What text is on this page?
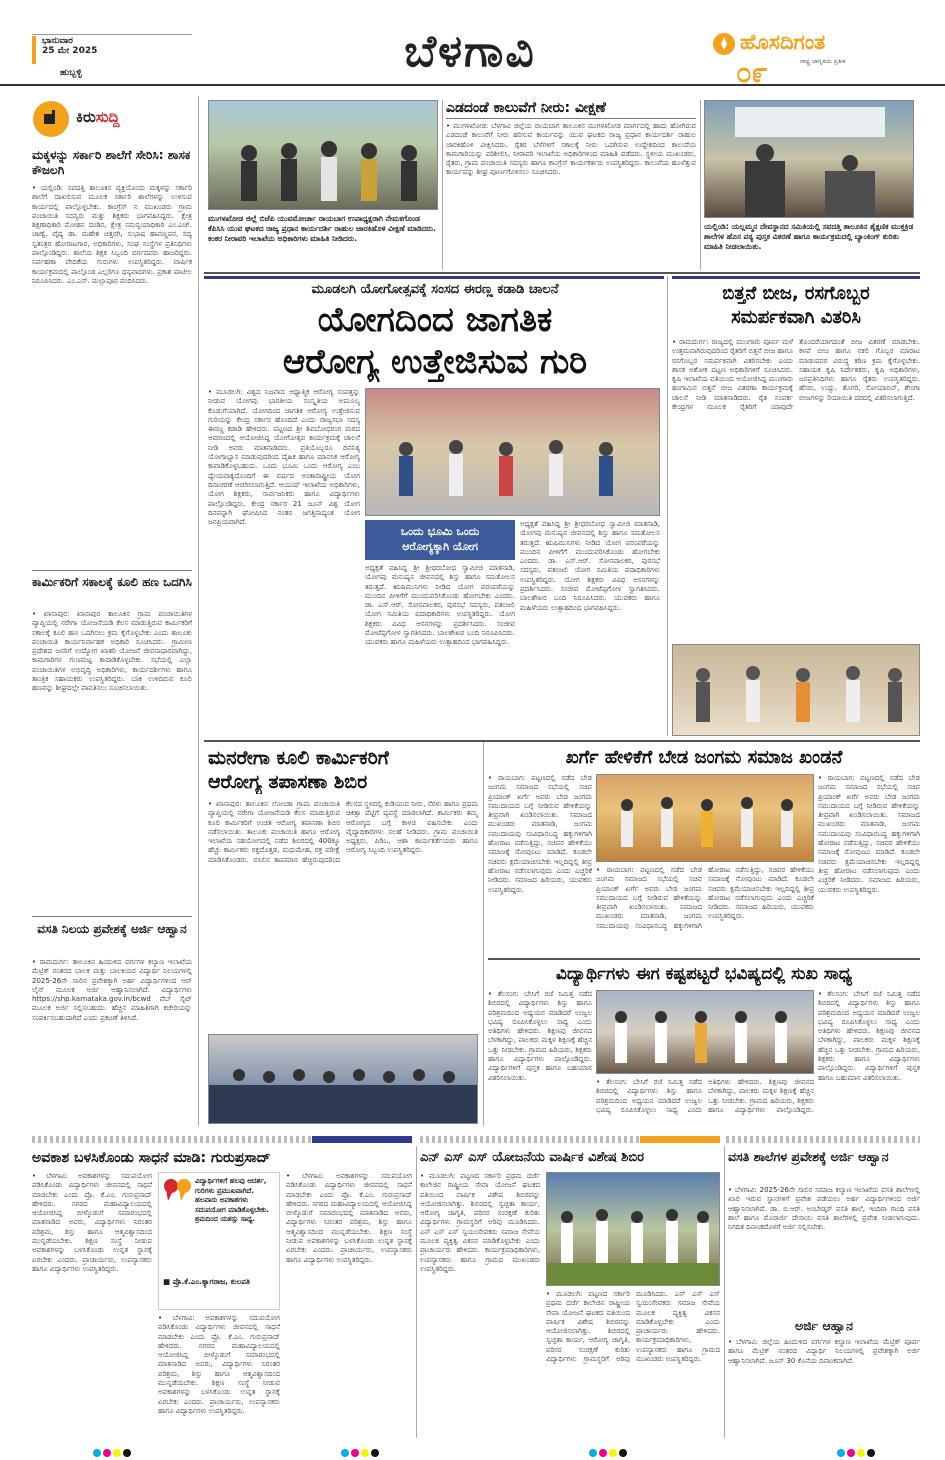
ಭಾನುವಾರ
25 ಮೇ 2025
ಹುಬ್ಬಳ್ಳಿ	ಬೆಳಗಾವಿ	ಹೊಸದಿಗಂತ
ರಾಷ್ಟ್ರ ಜಾಗೃತಿಯ ಪ್ರತೀಕ
೦೯
ಕಿರುಸುದ್ದಿ
ಮಕ್ಕಳನ್ನು ಸರ್ಕಾರಿ ಶಾಲೆಗೆ ಸೇರಿಸಿ: ಶಾಸಕ ಕೌಜಲಗಿ
• ಯಲ್ಲಿಂಡಿ: ಸವದತ್ತಿ ತಾಲೂಕಿನ ವ್ಯಕ್ತಿಯೊಂದು ಮಕ್ಕಳನ್ನು ಸರ್ಕಾರಿ ಶಾಲೆಗೆ ದಾಖಲಿಸುವ ಮೂಲಕ ಸರ್ಕಾರಿ ಶಾಲೆಗಳನ್ನು ಉಳಿಸುವ ಕಾರ್ಯದಲ್ಲಿ ಪಾಲ್ಗೊಳ್ಳಬೇಕು. ಕಾಂಗ್ರೆಸ್ ನ ಮುಖಂಡರು ಗ್ರಾಮ ಪಂಚಾಯಿತಿ ಸದಸ್ಯರು ಮತ್ತು ಶಿಕ್ಷಕರು ಭಾಗವಹಿಸಿದ್ದರು. ಕ್ಷೇತ್ರ ಶಿಕ್ಷಣಾಧಿಕಾರಿ ಮೋಹನ ದಂಡಿನ, ಕ್ಷೇತ್ರ ಸಮನ್ವಯಾಧಿಕಾರಿ ಎಂ.ಎಚ್. ಜಾಣ್ವೆ, ವೈದ್ಯ ಡಾ. ಮಹೇಶ ಚಿತ್ತರಗಿ, ಸುಭಾಷ ಹಾವಣ್ಣವರ, ಸದ್ಯ ಸ್ವತಂತ್ರರ ಹೋರಾಟಗಾರ, ಅಧಿಕಾರಿಗಳು, ಸಂಘ ಸಂಸ್ಥೆಗಳ ಪ್ರತಿನಿಧಿಗಳು ಪಾಲ್ಗೊಂಡಿದ್ದರು. ಶಾಲೆಯ ಶಿಕ್ಷಕ ಸಿಬ್ಬಂದಿ ವರ್ಗದವರು ಹಾಜರಿದ್ದರು. ನಿರ್ವಹಣಾ ವೇದಿಕೆಯ ಗುರುಗಳು ಉಪಸ್ಥಿತರಿದ್ದರು. ವಾರ್ಷಿಕ ಕಾರ್ಯಕ್ರಮದಲ್ಲಿ ಪಾಲ್ಗೊಂಡ ಎಲ್ಲರಿಗೂ ಧನ್ಯವಾದಗಳು. ಪ್ರಕಾಶ ಪಾಟೀಲ ನಿರೂಪಿಸಿದರು. ಎಂ.ಎಸ್. ಮಲ್ಲಾಪೂರ ವಂದಿಸಿದರು.
ಕಾರ್ಮಿಕರಿಗೆ ಸಕಾಲಕ್ಕೆ ಕೂಲಿ ಹಣ ಒದಗಿಸಿ
• ಖಾನಾಪುರ: ಖಾನಾಪುರ ತಾಲೂಕಿನ ಗ್ರಾಮ ಪಂಚಾಯಿತಿಗಳ ವ್ಯಾಪ್ತಿಯಲ್ಲಿ ನರೇಗಾ ಯೋಜನೆಯಡಿ ಕೆಲಸ ಮಾಡುತ್ತಿರುವ ಕಾರ್ಮಿಕರಿಗೆ ಸಕಾಲಕ್ಕೆ ಕೂಲಿ ಹಣ ಒದಗಿಸಲು ಕ್ರಮ ಕೈಗೊಳ್ಳಬೇಕು ಎಂದು ತಾಲೂಕು ಪಂಚಾಯಿತಿ ಕಾರ್ಯನಿರ್ವಾಹಕ ಅಧಿಕಾರಿ ಸೂಚಿಸಿದರು. ಗ್ರಾಮೀಣ ಪ್ರದೇಶದ ಜನರಿಗೆ ಉದ್ಯೋಗ ಖಾತರಿ ಯೋಜನೆ ಜೀವನಾಧಾರವಾಗಿದ್ದು, ಕಾಮಗಾರಿಗಳ ಗುಣಮಟ್ಟ ಕಾಪಾಡಿಕೊಳ್ಳಬೇಕು. ಸಭೆಯಲ್ಲಿ ಎಲ್ಲಾ ಪಂಚಾಯಿತಿಗಳ ಅಭಿವೃದ್ಧಿ ಅಧಿಕಾರಿಗಳು, ಕಾರ್ಯದರ್ಶಿಗಳು ಹಾಗೂ ತಾಂತ್ರಿಕ ಸಹಾಯಕರು ಉಪಸ್ಥಿತರಿದ್ದರು. ಬಾಕಿ ಉಳಿದಿರುವ ಕೂಲಿ ಹಣವನ್ನು ಶೀಘ್ರದಲ್ಲೇ ಪಾವತಿಸಲು ಸೂಚಿಸಲಾಯಿತು.
ವಸತಿ ನಿಲಯ ಪ್ರವೇಶಕ್ಕೆ ಅರ್ಜಿ ಆಹ್ವಾನ
• ರಾಮದುರ್ಗ: ತಾಲೂಕಿನ ಹಿಂದುಳಿದ ವರ್ಗಗಳ ಕಲ್ಯಾಣ ಇಲಾಖೆಯ ಮೆಟ್ರಿಕ್ ನಂತರದ ಬಾಲಕ ಮತ್ತು ಬಾಲಕಿಯರ ವಿದ್ಯಾರ್ಥಿ ನಿಲಯಗಳಲ್ಲಿ 2025-26ನೇ ಸಾಲಿನ ಪ್ರವೇಶಕ್ಕಾಗಿ ಅರ್ಹ ವಿದ್ಯಾರ್ಥಿಗಳಿಂದ ಆನ್ ಲೈನ್ ಮೂಲಕ ಅರ್ಜಿ ಆಹ್ವಾನಿಸಲಾಗಿದೆ. ವಿದ್ಯಾರ್ಥಿಗಳು https://shp.karnataka.gov.in/bcwd ವೆಬ್ ಸೈಟ್ ಮೂಲಕ ಅರ್ಜಿ ಸಲ್ಲಿಸಬಹುದು. ಹೆಚ್ಚಿನ ಮಾಹಿತಿಗಾಗಿ ಕಚೇರಿಯನ್ನು ಸಂಪರ್ಕಿಸಬಹುದಾಗಿದೆ ಎಂದು ಪ್ರಕಟಣೆ ತಿಳಿಸಿದೆ.
ಮುಗಳಖೋಡ ಜಿಲ್ಲೆ ಬಿಜೆಪಿ ಯುವಮೋರ್ಚಾ ರಾಯಬಾಗ ಉಪಾಧ್ಯಕ್ಷರಾಗಿ ನೇಮಕಗೊಂಡ ಕೆಪಿಸಿಸಿ ಯುವ ಘಟಕದ ರಾಜ್ಯ ಪ್ರಧಾನ ಕಾರ್ಯದರ್ಶಿ ರಾಹುಲ ಜಾರಕಿಹೊಳಿ ವೀಕ್ಷಣೆ ಮಾಡಿದರು. ಕಂಕರ ನೀರಾವರಿ ಇಲಾಖೆಯ ಅಧಿಕಾರಿಗಳು ಮಾಹಿತಿ ನೀಡಿದರು.
ಎಡದಂಡೆ ಕಾಲುವೆಗೆ ನೀರು: ವೀಕ್ಷಣೆ
• ಮುಗಳಖೋಡ: ಬೆಳಗಾವಿ ಜಿಲ್ಲೆಯ ರಾಯಬಾಗ ತಾಲೂಕಿನ ಮುಗಳಖೋಡ ಮಾರ್ಗದಲ್ಲಿ ಹಾದು ಹೋಗಿರುವ ಎಡದಂಡೆ ಕಾಲುವೆಗೆ ನೀರು ಹರಿಸುವ ಕಾರ್ಯವನ್ನು ಯುವ ಘಟಕದ ರಾಜ್ಯ ಪ್ರಧಾನ ಕಾರ್ಯದರ್ಶಿ ರಾಹುಲ ಜಾರಕಿಹೊಳಿ ವೀಕ್ಷಿಸಿದರು. ರೈತರ ಬೆಳೆಗಳಿಗೆ ಸಕಾಲಕ್ಕೆ ನೀರು ಒದಗಿಸುವ ಉದ್ದೇಶದಿಂದ ಕಾಲುವೆಯ ಕಾಮಗಾರಿಯನ್ನು ಪರಿಶೀಲಿಸಿ, ನೀರಾವರಿ ಇಲಾಖೆಯ ಅಧಿಕಾರಿಗಳಿಂದ ಮಾಹಿತಿ ಪಡೆದರು. ಸ್ಥಳೀಯ ಮುಖಂಡರು, ರೈತರು, ಗ್ರಾಮ ಪಂಚಾಯಿತಿ ಸದಸ್ಯರು ಹಾಗೂ ಕಾಂಗ್ರೆಸ್ ಕಾರ್ಯಕರ್ತರು ಉಪಸ್ಥಿತರಿದ್ದರು. ಕಾಲುವೆಯ ಹೂಳೆತ್ತುವ ಕಾರ್ಯವನ್ನು ಶೀಘ್ರ ಪೂರ್ಣಗೊಳಿಸಲು ಸೂಚಿಸಿದರು.
ಯಲ್ಲಿಂಡಿ: ಯಲ್ಲಮ್ಮನ ದೇವಸ್ಥಾನದ ಸಮಿತಿಯಲ್ಲಿ ಸವದತ್ತಿ ತಾಲೂಕಿನ ಶೈಕ್ಷಣಿಕ ಮುಕ್ತಕ್ರಿಡ ಶಾಲೆಗಳ ಹೊಸ ಪಠ್ಯ ಪುಸ್ತಕ ವಿತರಣೆ ಹಾಗೂ ಕಾರ್ಯಕ್ರಮದಲ್ಲಿ ಬ್ಯಾಂಕಿಂಗ್ ಕುರಿತು ಮಾಹಿತಿ ನೀಡಲಾಯಿತು.
ಮೂಡಲಗಿ ಯೋಗೋತ್ಸವಕ್ಕೆ ಸಂಸದ ಈರಣ್ಣ ಕಡಾಡಿ ಚಾಲನೆ
ಯೋಗದಿಂದ ಜಾಗತಿಕ
ಆರೋಗ್ಯ ಉತ್ತೇಜಿಸುವ ಗುರಿ
• ಮೂಡಲಗಿ: ವಿಶ್ವದ ನಿಜವಾದ ಆಧ್ಯಾತ್ಮಿಕ ಆರೋಗ್ಯ ಸಂಪತ್ತನ್ನು ನೀಡುವ ಯೋಗವು ಭಾರತೀಯ ಸಂಸ್ಕೃತಿಯ ಅಮೂಲ್ಯ ಕೊಡುಗೆಯಾಗಿದೆ. ಯೋಗದಿಂದ ಜಾಗತಿಕ ಆರೋಗ್ಯ ಉತ್ತೇಜಿಸುವ ಗುರಿಯನ್ನು ಕೇಂದ್ರ ಸರ್ಕಾರ ಹೊಂದಿದೆ ಎಂದು ರಾಜ್ಯಸಭಾ ಸದಸ್ಯ ಈರಣ್ಣ ಕಡಾಡಿ ಹೇಳಿದರು. ಪಟ್ಟಣದ ಶ್ರೀ ಶಿವಬೋಧರಂಗ ಮಠದ ಆವರಣದಲ್ಲಿ ಆಯೋಜಿಸಿದ್ದ ಯೋಗೋತ್ಸವ ಕಾರ್ಯಕ್ರಮಕ್ಕೆ ಚಾಲನೆ ನೀಡಿ ಅವರು ಮಾತನಾಡಿದರು. ಪ್ರತಿಯೊಬ್ಬರೂ ದಿನನಿತ್ಯ ಯೋಗಾಭ್ಯಾಸ ಮಾಡುವುದರಿಂದ ದೈಹಿಕ ಹಾಗೂ ಮಾನಸಿಕ ಆರೋಗ್ಯ ಕಾಪಾಡಿಕೊಳ್ಳಬಹುದು. ಒಂದು ಭೂಮಿ ಒಂದು ಆರೋಗ್ಯ ಎಂಬ ಧ್ಯೇಯವಾಕ್ಯದೊಂದಿಗೆ ಈ ವರ್ಷದ ಅಂತಾರಾಷ್ಟ್ರೀಯ ಯೋಗ ದಿನಾಚರಣೆ ಆಚರಿಸಲಾಗುತ್ತಿದೆ. ಆಯುಷ್ ಇಲಾಖೆಯ ಅಧಿಕಾರಿಗಳು, ಯೋಗ ಶಿಕ್ಷಕರು, ಸಾರ್ವಜನಿಕರು ಹಾಗೂ ವಿದ್ಯಾರ್ಥಿಗಳು ಪಾಲ್ಗೊಂಡಿದ್ದರು. ಕೇಂದ್ರ ಸರ್ಕಾರ 21 ಜೂನ್ ವಿಶ್ವ ಯೋಗ ದಿನವನ್ನಾಗಿ ಘೋಷಿಸಿದ ನಂತರ ಜಗತ್ತಿನಾದ್ಯಂತ ಯೋಗ ಜನಪ್ರಿಯವಾಗಿದೆ.
ಒಂದು ಭೂಮಿ ಒಂದು
ಆರೋಗ್ಯಕ್ಕಾಗಿ ಯೋಗ
ಅಧ್ಯಕ್ಷತೆ ವಹಿಸಿದ್ದ ಶ್ರೀ ಶ್ರೀಧರಬೋಧ ಸ್ವಾಮೀಜಿ ಮಾತನಾಡಿ, ಯೋಗವು ಮನುಷ್ಯನ ಜೀವನದಲ್ಲಿ ಶಿಸ್ತು ಹಾಗೂ ಸಮತೋಲನ ತರುತ್ತದೆ. ಋಷಿಮುನಿಗಳು ನೀಡಿದ ಯೋಗ ಪರಂಪರೆಯನ್ನು ಮುಂದಿನ ಪೀಳಿಗೆಗೆ ಮುಂದುವರಿಸಿಕೊಂಡು ಹೋಗಬೇಕು ಎಂದರು. ಡಾ. ಎಸ್.ಆರ್. ಸೋನವಾಲಕರ, ಪುರಸಭೆ ಸದಸ್ಯರು, ಪತಂಜಲಿ ಯೋಗ ಸಮಿತಿಯ ಪದಾಧಿಕಾರಿಗಳು ಉಪಸ್ಥಿತರಿದ್ದರು. ಯೋಗ ಶಿಕ್ಷಕರು ವಿವಿಧ ಆಸನಗಳನ್ನು ಪ್ರದರ್ಶಿಸಿದರು. ಸಂಜೀವ ಮೋಟೆಪ್ಪಗೋಳ ಸ್ವಾಗತಿಸಿದರು. ಬಾಲಶೇಖರ ಬಂದಿ ನಿರೂಪಿಸಿದರು. ಯುವಕರು ಹಾಗೂ ಮಹಿಳೆಯರು ಉತ್ಸಾಹದಿಂದ ಭಾಗವಹಿಸಿದ್ದರು.
ಅಧ್ಯಕ್ಷತೆ ವಹಿಸಿದ್ದ ಶ್ರೀ ಶ್ರೀಧರಬೋಧ ಸ್ವಾಮೀಜಿ ಮಾತನಾಡಿ, ಯೋಗವು ಮನುಷ್ಯನ ಜೀವನದಲ್ಲಿ ಶಿಸ್ತು ಹಾಗೂ ಸಮತೋಲನ ತರುತ್ತದೆ. ಋಷಿಮುನಿಗಳು ನೀಡಿದ ಯೋಗ ಪರಂಪರೆಯನ್ನು ಮುಂದಿನ ಪೀಳಿಗೆಗೆ ಮುಂದುವರಿಸಿಕೊಂಡು ಹೋಗಬೇಕು ಎಂದರು. ಡಾ. ಎಸ್.ಆರ್. ಸೋನವಾಲಕರ, ಪುರಸಭೆ ಸದಸ್ಯರು, ಪತಂಜಲಿ ಯೋಗ ಸಮಿತಿಯ ಪದಾಧಿಕಾರಿಗಳು ಉಪಸ್ಥಿತರಿದ್ದರು. ಯೋಗ ಶಿಕ್ಷಕರು ವಿವಿಧ ಆಸನಗಳನ್ನು ಪ್ರದರ್ಶಿಸಿದರು. ಸಂಜೀವ ಮೋಟೆಪ್ಪಗೋಳ ಸ್ವಾಗತಿಸಿದರು. ಬಾಲಶೇಖರ ಬಂದಿ ನಿರೂಪಿಸಿದರು. ಯುವಕರು ಹಾಗೂ ಮಹಿಳೆಯರು ಉತ್ಸಾಹದಿಂದ ಭಾಗವಹಿಸಿದ್ದರು.
ಬಿತ್ತನೆ ಬೀಜ, ರಸಗೊಬ್ಬರ
ಸಮರ್ಪಕವಾಗಿ ವಿತರಿಸಿ
• ರಾಮದುರ್ಗ: ರಾಜ್ಯದಲ್ಲಿ ಮುಂಗಾರು ಪೂರ್ವ ಮಳೆ ಉತ್ತಮವಾಗಿರುವುದರಿಂದ ರೈತರಿಗೆ ಬಿತ್ತನೆ ಬೀಜ ಹಾಗೂ ರಸಗೊಬ್ಬರ ಸಮರ್ಪಕವಾಗಿ ವಿತರಿಸಬೇಕು ಎಂದು ಶಾಸಕ ಅಶೋಕ ಪಟ್ಟಣ ಅಧಿಕಾರಿಗಳಿಗೆ ಸೂಚಿಸಿದರು. ಕೃಷಿ ಇಲಾಖೆಯ ವತಿಯಿಂದ ಆಯೋಜಿಸಿದ್ದ ಮುಂಗಾರು ಹಂಗಾಮಿನ ಬಿತ್ತನೆ ಬೀಜ ವಿತರಣಾ ಕಾರ್ಯಕ್ರಮಕ್ಕೆ ಚಾಲನೆ ನೀಡಿ ಮಾತನಾಡಿದರು. ರೈತ ಸಂಪರ್ಕ ಕೇಂದ್ರಗಳ ಮೂಲಕ ರೈತರಿಗೆ ಯಾವುದೇ ತೊಂದರೆಯಾಗದಂತೆ ಬೀಜ ವಿತರಣೆ ಮಾಡಬೇಕು. ಕಳಪೆ ಬೀಜ ಹಾಗೂ ನಕಲಿ ಗೊಬ್ಬರ ಮಾರಾಟ ಮಾಡುವವರ ವಿರುದ್ಧ ಕಠಿಣ ಕ್ರಮ ಕೈಗೊಳ್ಳಬೇಕು. ಸಹಾಯಕ ಕೃಷಿ ನಿರ್ದೇಶಕರು, ಕೃಷಿ ಅಧಿಕಾರಿಗಳು, ಜನಪ್ರತಿನಿಧಿಗಳು ಹಾಗೂ ರೈತರು ಉಪಸ್ಥಿತರಿದ್ದರು. ಹೆಸರು, ಉದ್ದು, ತೊಗರಿ, ಸೋಯಾಬಿನ್, ಶೇಂಗಾ ಬೀಜಗಳನ್ನು ರಿಯಾಯಿತಿ ದರದಲ್ಲಿ ವಿತರಿಸಲಾಗುತ್ತಿದೆ.
ಮನರೇಗಾ ಕೂಲಿ ಕಾರ್ಮಿಕರಿಗೆ
ಆರೋಗ್ಯ ತಪಾಸಣಾ ಶಿಬಿರ
• ಖಾನಾಪುರ: ತಾಲೂಕಿನ ಲೋಂಡಾ ಗ್ರಾಮ ಪಂಚಾಯಿತಿ ವ್ಯಾಪ್ತಿಯಲ್ಲಿ ನರೇಗಾ ಯೋಜನೆಯಡಿ ಕೆಲಸ ಮಾಡುತ್ತಿರುವ ಕೂಲಿ ಕಾರ್ಮಿಕರಿಗೆ ಉಚಿತ ಆರೋಗ್ಯ ತಪಾಸಣಾ ಶಿಬಿರ ನಡೆಸಲಾಯಿತು. ತಾಲೂಕು ಪಂಚಾಯಿತಿ ಹಾಗೂ ಆರೋಗ್ಯ ಇಲಾಖೆಯ ಸಹಯೋಗದಲ್ಲಿ ನಡೆದ ಶಿಬಿರದಲ್ಲಿ 400ಕ್ಕೂ ಹೆಚ್ಚು ಕಾರ್ಮಿಕರು ರಕ್ತದೊತ್ತಡ, ಮಧುಮೇಹ, ರಕ್ತ ಪರೀಕ್ಷೆ ಮಾಡಿಸಿಕೊಂಡರು. ಬಿಸಿಲಿನ ತಾಪಮಾನ ಹೆಚ್ಚಿರುವುದರಿಂದ ಕೆಲಸದ ಸ್ಥಳದಲ್ಲಿ ಕುಡಿಯುವ ನೀರು, ನೆರಳು ಹಾಗೂ ಪ್ರಥಮ ಚಿಕಿತ್ಸಾ ಪೆಟ್ಟಿಗೆ ವ್ಯವಸ್ಥೆ ಮಾಡಲಾಗಿದೆ. ಕಾರ್ಮಿಕರು ತಮ್ಮ ಆರೋಗ್ಯದ ಬಗ್ಗೆ ಕಾಳಜಿ ವಹಿಸಬೇಕು ಎಂದು ವೈದ್ಯಾಧಿಕಾರಿಗಳು ಸಲಹೆ ನೀಡಿದರು. ಗ್ರಾಮ ಪಂಚಾಯಿತಿ ಅಧ್ಯಕ್ಷರು, ಪಿಡಿಒ, ಆಶಾ ಕಾರ್ಯಕರ್ತೆಯರು ಹಾಗೂ ಆರೋಗ್ಯ ಸಿಬ್ಬಂದಿ ಉಪಸ್ಥಿತರಿದ್ದರು.
ಖರ್ಗೆ ಹೇಳಿಕೆಗೆ ಬೇಡ ಜಂಗಮ ಸಮಾಜ ಖಂಡನೆ
• ರಾಯಬಾಗ: ಪಟ್ಟಣದಲ್ಲಿ ನಡೆದ ಬೇಡ ಜಂಗಮ ಸಮಾಜದ ಸಭೆಯಲ್ಲಿ ಸಚಿವ ಪ್ರಿಯಾಂಕ್ ಖರ್ಗೆ ಅವರು ಬೇಡ ಜಂಗಮ ಸಮುದಾಯದ ಬಗ್ಗೆ ನೀಡಿರುವ ಹೇಳಿಕೆಯನ್ನು ತೀವ್ರವಾಗಿ ಖಂಡಿಸಲಾಯಿತು. ಸಮಾಜದ ಮುಖಂಡರು ಮಾತನಾಡಿ, ಜಂಗಮ ಸಮುದಾಯವು ಸಂವಿಧಾನಬದ್ಧ ಹಕ್ಕುಗಳಿಗಾಗಿ ಹೋರಾಟ ನಡೆಸುತ್ತಿದ್ದು, ಸಚಿವರ ಹೇಳಿಕೆಯು ಸಮಾಜಕ್ಕೆ ನೋವುಂಟು ಮಾಡಿದೆ. ಕೂಡಲೇ ಸಚಿವರು ಕ್ಷಮೆಯಾಚಿಸಬೇಕು ಇಲ್ಲದಿದ್ದಲ್ಲಿ ತೀವ್ರ ಹೋರಾಟ ನಡೆಸಲಾಗುವುದು ಎಂದು ಎಚ್ಚರಿಕೆ ನೀಡಿದರು. ಸಮಾಜದ ಹಿರಿಯರು, ಯುವಕರು ಉಪಸ್ಥಿತರಿದ್ದರು.
• ರಾಯಬಾಗ: ಪಟ್ಟಣದಲ್ಲಿ ನಡೆದ ಬೇಡ ಜಂಗಮ ಸಮಾಜದ ಸಭೆಯಲ್ಲಿ ಸಚಿವ ಪ್ರಿಯಾಂಕ್ ಖರ್ಗೆ ಅವರು ಬೇಡ ಜಂಗಮ ಸಮುದಾಯದ ಬಗ್ಗೆ ನೀಡಿರುವ ಹೇಳಿಕೆಯನ್ನು ತೀವ್ರವಾಗಿ ಖಂಡಿಸಲಾಯಿತು. ಸಮಾಜದ ಮುಖಂಡರು ಮಾತನಾಡಿ, ಜಂಗಮ ಸಮುದಾಯವು ಸಂವಿಧಾನಬದ್ಧ ಹಕ್ಕುಗಳಿಗಾಗಿ ಹೋರಾಟ ನಡೆಸುತ್ತಿದ್ದು, ಸಚಿವರ ಹೇಳಿಕೆಯು ಸಮಾಜಕ್ಕೆ ನೋವುಂಟು ಮಾಡಿದೆ. ಕೂಡಲೇ ಸಚಿವರು ಕ್ಷಮೆಯಾಚಿಸಬೇಕು ಇಲ್ಲದಿದ್ದಲ್ಲಿ ತೀವ್ರ ಹೋರಾಟ ನಡೆಸಲಾಗುವುದು ಎಂದು ಎಚ್ಚರಿಕೆ ನೀಡಿದರು. ಸಮಾಜದ ಹಿರಿಯರು, ಯುವಕರು ಉಪಸ್ಥಿತರಿದ್ದರು.
• ರಾಯಬಾಗ: ಪಟ್ಟಣದಲ್ಲಿ ನಡೆದ ಬೇಡ ಜಂಗಮ ಸಮಾಜದ ಸಭೆಯಲ್ಲಿ ಸಚಿವ ಪ್ರಿಯಾಂಕ್ ಖರ್ಗೆ ಅವರು ಬೇಡ ಜಂಗಮ ಸಮುದಾಯದ ಬಗ್ಗೆ ನೀಡಿರುವ ಹೇಳಿಕೆಯನ್ನು ತೀವ್ರವಾಗಿ ಖಂಡಿಸಲಾಯಿತು. ಸಮಾಜದ ಮುಖಂಡರು ಮಾತನಾಡಿ, ಜಂಗಮ ಸಮುದಾಯವು ಸಂವಿಧಾನಬದ್ಧ ಹಕ್ಕುಗಳಿಗಾಗಿ ಹೋರಾಟ ನಡೆಸುತ್ತಿದ್ದು, ಸಚಿವರ ಹೇಳಿಕೆಯು ಸಮಾಜಕ್ಕೆ ನೋವುಂಟು ಮಾಡಿದೆ. ಕೂಡಲೇ ಸಚಿವರು ಕ್ಷಮೆಯಾಚಿಸಬೇಕು ಇಲ್ಲದಿದ್ದಲ್ಲಿ ತೀವ್ರ ಹೋರಾಟ ನಡೆಸಲಾಗುವುದು ಎಂದು ಎಚ್ಚರಿಕೆ ನೀಡಿದರು. ಸಮಾಜದ ಹಿರಿಯರು, ಯುವಕರು ಉಪಸ್ಥಿತರಿದ್ದರು.
ವಿದ್ಯಾರ್ಥಿಗಳು ಈಗ ಕಷ್ಟಪಟ್ಟರೆ ಭವಿಷ್ಯದಲ್ಲಿ ಸುಖ ಸಾಧ್ಯ
• ತೆಲಸಂಗ: ಬೇಸಿಗೆ ರಜೆ ನಿಮಿತ್ತ ನಡೆದ ಶಿಬಿರದಲ್ಲಿ ವಿದ್ಯಾರ್ಥಿಗಳು ಶಿಸ್ತು ಹಾಗೂ ಪರಿಶ್ರಮದಿಂದ ಅಧ್ಯಯನ ಮಾಡಿದರೆ ಉಜ್ವಲ ಭವಿಷ್ಯ ರೂಪಿಸಿಕೊಳ್ಳಲು ಸಾಧ್ಯ ಎಂದು ಅತಿಥಿಗಳು ಹೇಳಿದರು. ಶಿಕ್ಷಣವು ಜೀವನದ ಬೆಳಕಾಗಿದ್ದು, ಪಾಲಕರು ಮಕ್ಕಳ ಶಿಕ್ಷಣಕ್ಕೆ ಹೆಚ್ಚಿನ ಒತ್ತು ನೀಡಬೇಕು. ಗ್ರಾಮದ ಹಿರಿಯರು, ಶಿಕ್ಷಕರು ಹಾಗೂ ವಿದ್ಯಾರ್ಥಿಗಳು ಪಾಲ್ಗೊಂಡಿದ್ದರು. ವಿದ್ಯಾರ್ಥಿಗಳಿಗೆ ಪುಸ್ತಕ ಹಾಗೂ ಬಹುಮಾನ ವಿತರಿಸಲಾಯಿತು.
• ತೆಲಸಂಗ: ಬೇಸಿಗೆ ರಜೆ ನಿಮಿತ್ತ ನಡೆದ ಶಿಬಿರದಲ್ಲಿ ವಿದ್ಯಾರ್ಥಿಗಳು ಶಿಸ್ತು ಹಾಗೂ ಪರಿಶ್ರಮದಿಂದ ಅಧ್ಯಯನ ಮಾಡಿದರೆ ಉಜ್ವಲ ಭವಿಷ್ಯ ರೂಪಿಸಿಕೊಳ್ಳಲು ಸಾಧ್ಯ ಎಂದು ಅತಿಥಿಗಳು ಹೇಳಿದರು. ಶಿಕ್ಷಣವು ಜೀವನದ ಬೆಳಕಾಗಿದ್ದು, ಪಾಲಕರು ಮಕ್ಕಳ ಶಿಕ್ಷಣಕ್ಕೆ ಹೆಚ್ಚಿನ ಒತ್ತು ನೀಡಬೇಕು. ಗ್ರಾಮದ ಹಿರಿಯರು, ಶಿಕ್ಷಕರು ಹಾಗೂ ವಿದ್ಯಾರ್ಥಿಗಳು ಪಾಲ್ಗೊಂಡಿದ್ದರು.
• ತೆಲಸಂಗ: ಬೇಸಿಗೆ ರಜೆ ನಿಮಿತ್ತ ನಡೆದ ಶಿಬಿರದಲ್ಲಿ ವಿದ್ಯಾರ್ಥಿಗಳು ಶಿಸ್ತು ಹಾಗೂ ಪರಿಶ್ರಮದಿಂದ ಅಧ್ಯಯನ ಮಾಡಿದರೆ ಉಜ್ವಲ ಭವಿಷ್ಯ ರೂಪಿಸಿಕೊಳ್ಳಲು ಸಾಧ್ಯ ಎಂದು ಅತಿಥಿಗಳು ಹೇಳಿದರು. ಶಿಕ್ಷಣವು ಜೀವನದ ಬೆಳಕಾಗಿದ್ದು, ಪಾಲಕರು ಮಕ್ಕಳ ಶಿಕ್ಷಣಕ್ಕೆ ಹೆಚ್ಚಿನ ಒತ್ತು ನೀಡಬೇಕು. ಗ್ರಾಮದ ಹಿರಿಯರು, ಶಿಕ್ಷಕರು ಹಾಗೂ ವಿದ್ಯಾರ್ಥಿಗಳು ಪಾಲ್ಗೊಂಡಿದ್ದರು. ವಿದ್ಯಾರ್ಥಿಗಳಿಗೆ ಪುಸ್ತಕ ಹಾಗೂ ಬಹುಮಾನ ವಿತರಿಸಲಾಯಿತು.
ಅವಕಾಶ ಬಳಸಿಕೊಂಡು ಸಾಧನೆ ಮಾಡಿ: ಗುರುಪ್ರಸಾದ್
• ಬೆಳಗಾವಿ: ಅವಕಾಶಗಳನ್ನು ಸದುಪಯೋಗ ಪಡಿಸಿಕೊಂಡು ವಿದ್ಯಾರ್ಥಿಗಳು ಜೀವನದಲ್ಲಿ ಸಾಧನೆ ಮಾಡಬೇಕು ಎಂದು ಪ್ರೊ. ಕೆ.ಎಂ. ಗುರುಪ್ರಸಾದ್ ಹೇಳಿದರು. ನಗರದ ಮಹಾವಿದ್ಯಾಲಯದಲ್ಲಿ ಆಯೋಜಿಸಿದ್ದ ಬೀಳ್ಕೊಡುಗೆ ಸಮಾರಂಭದಲ್ಲಿ ಮಾತನಾಡಿದ ಅವರು, ವಿದ್ಯಾರ್ಥಿಗಳು ನಿರಂತರ ಪರಿಶ್ರಮ, ಶಿಸ್ತು ಹಾಗೂ ಆತ್ಮವಿಶ್ವಾಸದಿಂದ ಮುನ್ನಡೆಯಬೇಕು. ಶಿಕ್ಷಣ ಸಂಸ್ಥೆ ನೀಡುವ ಅವಕಾಶಗಳನ್ನು ಬಳಸಿಕೊಂಡು ಉನ್ನತ ಸ್ಥಾನಕ್ಕೆ ಏರಬೇಕು ಎಂದರು. ಪ್ರಾಚಾರ್ಯರು, ಉಪನ್ಯಾಸಕರು ಹಾಗೂ ವಿದ್ಯಾರ್ಥಿಗಳು ಉಪಸ್ಥಿತರಿದ್ದರು.
ವಿದ್ಯಾರ್ಥಿಗಳಿಗೆ ಹಲವು ಆದರ್ಶ, ಗುರಿಗಳು ಪ್ರಮುಖವಾಗಿದೆ. ಹಲವಾರು ಅವಕಾಶಗಳು ಸದುಪಯೋಗ ಮಾಡಿಕೊಳ್ಳಬೇಕು. ಶ್ರಮದಿಂದ ಯಶಸ್ಸು ಸಾಧ್ಯ.
■ ಪ್ರೊ.ಕೆ.ಎಂ.ತ್ಯಾಗರಾಜ, ಕುಲಪತಿ
• ಬೆಳಗಾವಿ: ಅವಕಾಶಗಳನ್ನು ಸದುಪಯೋಗ ಪಡಿಸಿಕೊಂಡು ವಿದ್ಯಾರ್ಥಿಗಳು ಜೀವನದಲ್ಲಿ ಸಾಧನೆ ಮಾಡಬೇಕು ಎಂದು ಪ್ರೊ. ಕೆ.ಎಂ. ಗುರುಪ್ರಸಾದ್ ಹೇಳಿದರು. ನಗರದ ಮಹಾವಿದ್ಯಾಲಯದಲ್ಲಿ ಆಯೋಜಿಸಿದ್ದ ಬೀಳ್ಕೊಡುಗೆ ಸಮಾರಂಭದಲ್ಲಿ ಮಾತನಾಡಿದ ಅವರು, ವಿದ್ಯಾರ್ಥಿಗಳು ನಿರಂತರ ಪರಿಶ್ರಮ, ಶಿಸ್ತು ಹಾಗೂ ಆತ್ಮವಿಶ್ವಾಸದಿಂದ ಮುನ್ನಡೆಯಬೇಕು. ಶಿಕ್ಷಣ ಸಂಸ್ಥೆ ನೀಡುವ ಅವಕಾಶಗಳನ್ನು ಬಳಸಿಕೊಂಡು ಉನ್ನತ ಸ್ಥಾನಕ್ಕೆ ಏರಬೇಕು ಎಂದರು. ಪ್ರಾಚಾರ್ಯರು, ಉಪನ್ಯಾಸಕರು ಹಾಗೂ ವಿದ್ಯಾರ್ಥಿಗಳು ಉಪಸ್ಥಿತರಿದ್ದರು.
• ಬೆಳಗಾವಿ: ಅವಕಾಶಗಳನ್ನು ಸದುಪಯೋಗ ಪಡಿಸಿಕೊಂಡು ವಿದ್ಯಾರ್ಥಿಗಳು ಜೀವನದಲ್ಲಿ ಸಾಧನೆ ಮಾಡಬೇಕು ಎಂದು ಪ್ರೊ. ಕೆ.ಎಂ. ಗುರುಪ್ರಸಾದ್ ಹೇಳಿದರು. ನಗರದ ಮಹಾವಿದ್ಯಾಲಯದಲ್ಲಿ ಆಯೋಜಿಸಿದ್ದ ಬೀಳ್ಕೊಡುಗೆ ಸಮಾರಂಭದಲ್ಲಿ ಮಾತನಾಡಿದ ಅವರು, ವಿದ್ಯಾರ್ಥಿಗಳು ನಿರಂತರ ಪರಿಶ್ರಮ, ಶಿಸ್ತು ಹಾಗೂ ಆತ್ಮವಿಶ್ವಾಸದಿಂದ ಮುನ್ನಡೆಯಬೇಕು. ಶಿಕ್ಷಣ ಸಂಸ್ಥೆ ನೀಡುವ ಅವಕಾಶಗಳನ್ನು ಬಳಸಿಕೊಂಡು ಉನ್ನತ ಸ್ಥಾನಕ್ಕೆ ಏರಬೇಕು ಎಂದರು. ಪ್ರಾಚಾರ್ಯರು, ಉಪನ್ಯಾಸಕರು ಹಾಗೂ ವಿದ್ಯಾರ್ಥಿಗಳು ಉಪಸ್ಥಿತರಿದ್ದರು.
ಎನ್ ಎಸ್ ಎಸ್ ಯೋಜನೆಯ ವಾರ್ಷಿಕ ವಿಶೇಷ ಶಿಬಿರ
• ಮೂಡಲಗಿ: ಪಟ್ಟಣದ ಸರ್ಕಾರಿ ಪ್ರಥಮ ದರ್ಜೆ ಕಾಲೇಜಿನ ರಾಷ್ಟ್ರೀಯ ಸೇವಾ ಯೋಜನೆ ಘಟಕದ ವತಿಯಿಂದ ವಾರ್ಷಿಕ ವಿಶೇಷ ಶಿಬಿರವನ್ನು ಆಯೋಜಿಸಲಾಗಿತ್ತು. ಶಿಬಿರದಲ್ಲಿ ಸ್ವಚ್ಛತಾ ಕಾರ್ಯ, ಆರೋಗ್ಯ ಜಾಗೃತಿ, ಪರಿಸರ ಸಂರಕ್ಷಣೆ ಕುರಿತು ವಿದ್ಯಾರ್ಥಿಗಳು ಗ್ರಾಮಸ್ಥರಿಗೆ ಅರಿವು ಮೂಡಿಸಿದರು. ಎನ್ ಎಸ್ ಎಸ್ ಸ್ವಯಂಸೇವಕರು ಸಮಾಜ ಸೇವೆಯ ಮೂಲಕ ವ್ಯಕ್ತಿತ್ವ ವಿಕಸನ ಮಾಡಿಕೊಳ್ಳಬೇಕು ಎಂದು ಪ್ರಾಚಾರ್ಯರು ಹೇಳಿದರು. ಕಾರ್ಯಕ್ರಮಾಧಿಕಾರಿಗಳು, ಉಪನ್ಯಾಸಕರು ಹಾಗೂ ಗ್ರಾಮದ ಮುಖಂಡರು ಉಪಸ್ಥಿತರಿದ್ದರು.
• ಮೂಡಲಗಿ: ಪಟ್ಟಣದ ಸರ್ಕಾರಿ ಪ್ರಥಮ ದರ್ಜೆ ಕಾಲೇಜಿನ ರಾಷ್ಟ್ರೀಯ ಸೇವಾ ಯೋಜನೆ ಘಟಕದ ವತಿಯಿಂದ ವಾರ್ಷಿಕ ವಿಶೇಷ ಶಿಬಿರವನ್ನು ಆಯೋಜಿಸಲಾಗಿತ್ತು. ಶಿಬಿರದಲ್ಲಿ ಸ್ವಚ್ಛತಾ ಕಾರ್ಯ, ಆರೋಗ್ಯ ಜಾಗೃತಿ, ಪರಿಸರ ಸಂರಕ್ಷಣೆ ಕುರಿತು ವಿದ್ಯಾರ್ಥಿಗಳು ಗ್ರಾಮಸ್ಥರಿಗೆ ಅರಿವು ಮೂಡಿಸಿದರು. ಎನ್ ಎಸ್ ಎಸ್ ಸ್ವಯಂಸೇವಕರು ಸಮಾಜ ಸೇವೆಯ ಮೂಲಕ ವ್ಯಕ್ತಿತ್ವ ವಿಕಸನ ಮಾಡಿಕೊಳ್ಳಬೇಕು ಎಂದು ಪ್ರಾಚಾರ್ಯರು ಹೇಳಿದರು. ಕಾರ್ಯಕ್ರಮಾಧಿಕಾರಿಗಳು, ಉಪನ್ಯಾಸಕರು ಹಾಗೂ ಗ್ರಾಮದ ಮುಖಂಡರು ಉಪಸ್ಥಿತರಿದ್ದರು.
ವಸತಿ ಶಾಲೆಗಳ ಪ್ರವೇಶಕ್ಕೆ ಅರ್ಜಿ ಆಹ್ವಾನ
• ಬೆಳಗಾವಿ: 2025-26ನೇ ಸಾಲಿನ ಸಮಾಜ ಕಲ್ಯಾಣ ಇಲಾಖೆಯ ವಸತಿ ಶಾಲೆಗಳಲ್ಲಿ ಖಾಲಿ ಇರುವ ಸ್ಥಾನಗಳಿಗೆ ಪ್ರವೇಶ ಪಡೆಯಲು ಅರ್ಹ ವಿದ್ಯಾರ್ಥಿಗಳಿಂದ ಅರ್ಜಿ ಆಹ್ವಾನಿಸಲಾಗಿದೆ. ಡಾ. ಬಿ.ಆರ್. ಅಂಬೇಡ್ಕರ್ ವಸತಿ ಶಾಲೆ, ಇಂದಿರಾ ಗಾಂಧಿ ವಸತಿ ಶಾಲೆ ಹಾಗೂ ಮೊರಾರ್ಜಿ ದೇಸಾಯಿ ವಸತಿ ಶಾಲೆಗಳಲ್ಲಿ ಪ್ರವೇಶ ನೀಡಲಾಗುವುದು. ನಿಗದಿತ ದಿನಾಂಕದೊಳಗೆ ಅರ್ಜಿ ಸಲ್ಲಿಸಬೇಕು.
ಅರ್ಜಿ ಆಹ್ವಾನ
• ಬೆಳಗಾವಿ: ಜಿಲ್ಲೆಯ ಹಿಂದುಳಿದ ವರ್ಗಗಳ ಕಲ್ಯಾಣ ಇಲಾಖೆಯ ಮೆಟ್ರಿಕ್ ಪೂರ್ವ ಹಾಗೂ ಮೆಟ್ರಿಕ್ ನಂತರದ ವಿದ್ಯಾರ್ಥಿ ನಿಲಯಗಳಲ್ಲಿ ಪ್ರವೇಶಕ್ಕಾಗಿ ಅರ್ಜಿ ಆಹ್ವಾನಿಸಲಾಗಿದೆ. ಜೂನ್ 30 ಕೊನೆಯ ದಿನಾಂಕವಾಗಿದೆ.
